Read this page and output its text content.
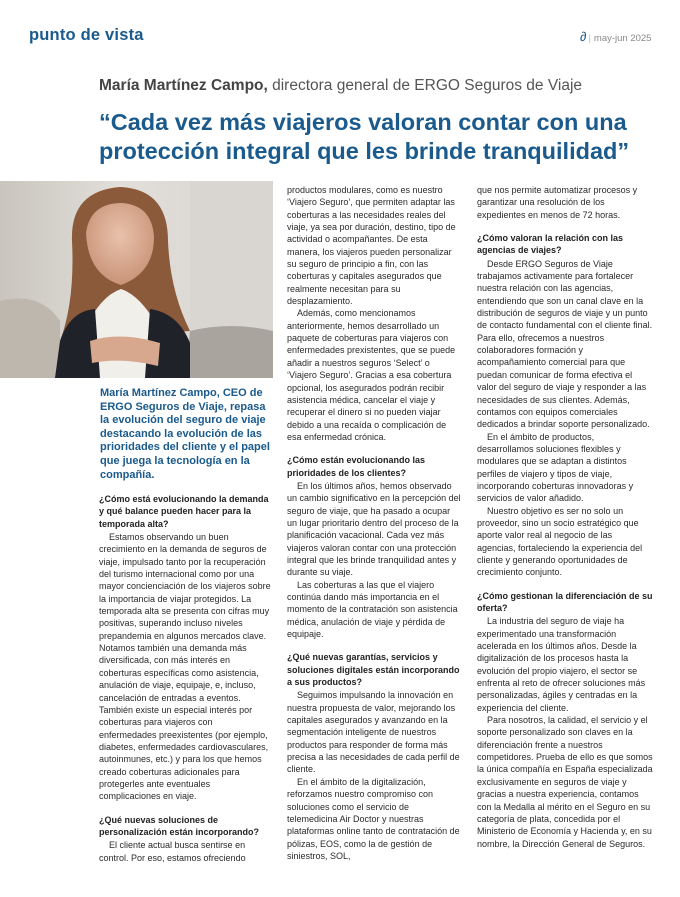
punto de vista	∂ | may-jun 2025
María Martínez Campo, directora general de ERGO Seguros de Viaje
“Cada vez más viajeros valoran contar con una protección integral que les brinde tranquilidad”
María Martínez Campo, CEO de ERGO Seguros de Viaje, repasa la evolución del seguro de viaje destacando la evolución de las prioridades del cliente y el papel que juega la tecnología en la compañía.
¿Cómo está evolucionando la demanda y qué balance pueden hacer para la temporada alta?

Estamos observando un buen crecimiento en la demanda de seguros de viaje, impulsado tanto por la recuperación del turismo internacional como por una mayor concienciación de los viajeros sobre la importancia de viajar protegidos. La temporada alta se presenta con cifras muy positivas, superando incluso niveles prepandemia en algunos mercados clave. Notamos también una demanda más diversificada, con más interés en coberturas específicas como asistencia, anulación de viaje, equipaje, e, incluso, cancelación de entradas a eventos. También existe un especial interés por coberturas para viajeros con enfermedades preexistentes (por ejemplo, diabetes, enfermedades cardiovasculares, autoinmunes, etc.) y para los que hemos creado coberturas adicionales para protegerles ante eventuales complicaciones en viaje.

¿Qué nuevas soluciones de personalización están incorporando?

El cliente actual busca sentirse en control. Por eso, estamos ofreciendo

productos modulares, como es nuestro ‘Viajero Seguro’, que permiten adaptar las coberturas a las necesidades reales del viaje, ya sea por duración, destino, tipo de actividad o acompañantes. De esta manera, los viajeros pueden personalizar su seguro de principio a fin, con las coberturas y capitales asegurados que realmente necesitan para su desplazamiento.

Además, como mencionamos anteriormente, hemos desarrollado un paquete de coberturas para viajeros con enfermedades prexistentes, que se puede añadir a nuestros seguros ‘Select’ o ‘Viajero Seguro’. Gracias a esa cobertura opcional, los asegurados podrán recibir asistencia médica, cancelar el viaje y recuperar el dinero si no pueden viajar debido a una recaída o complicación de esa enfermedad crónica.

¿Cómo están evolucionando las prioridades de los clientes?

En los últimos años, hemos observado un cambio significativo en la percepción del seguro de viaje, que ha pasado a ocupar un lugar prioritario dentro del proceso de la planificación vacacional. Cada vez más viajeros valoran contar con una protección integral que les brinde tranquilidad antes y durante su viaje.

Las coberturas a las que el viajero continúa dando más importancia en el momento de la contratación son asistencia médica, anulación de viaje y pérdida de equipaje.

¿Qué nuevas garantías, servicios y soluciones digitales están incorporando a sus productos?

Seguimos impulsando la innovación en nuestra propuesta de valor, mejorando los capitales asegurados y avanzando en la segmentación inteligente de nuestros productos para responder de forma más precisa a las necesidades de cada perfil de cliente.

En el ámbito de la digitalización, reforzamos nuestro compromiso con soluciones como el servicio de telemedicina Air Doctor y nuestras plataformas online tanto de contratación de pólizas, EOS, como la de gestión de siniestros, SOL,

que nos permite automatizar procesos y garantizar una resolución de los expedientes en menos de 72 horas.

¿Cómo valoran la relación con las agencias de viajes?

Desde ERGO Seguros de Viaje trabajamos activamente para fortalecer nuestra relación con las agencias, entendiendo que son un canal clave en la distribución de seguros de viaje y un punto de contacto fundamental con el cliente final. Para ello, ofrecemos a nuestros colaboradores formación y acompañamiento comercial para que puedan comunicar de forma efectiva el valor del seguro de viaje y responder a las necesidades de sus clientes. Además, contamos con equipos comerciales dedicados a brindar soporte personalizado.

En el ámbito de productos, desarrollamos soluciones flexibles y modulares que se adaptan a distintos perfiles de viajero y tipos de viaje, incorporando coberturas innovadoras y servicios de valor añadido.

Nuestro objetivo es ser no solo un proveedor, sino un socio estratégico que aporte valor real al negocio de las agencias, fortaleciendo la experiencia del cliente y generando oportunidades de crecimiento conjunto.

¿Cómo gestionan la diferenciación de su oferta?

La industria del seguro de viaje ha experimentado una transformación acelerada en los últimos años. Desde la digitalización de los procesos hasta la evolución del propio viajero, el sector se enfrenta al reto de ofrecer soluciones más personalizadas, ágiles y centradas en la experiencia del cliente.

Para nosotros, la calidad, el servicio y el soporte personalizado son claves en la diferenciación frente a nuestros competidores. Prueba de ello es que somos la única compañía en España especializada exclusivamente en seguros de viaje y gracias a nuestra experiencia, contamos con la Medalla al mérito en el Seguro en su categoría de plata, concedida por el Ministerio de Economía y Hacienda y, en su nombre, la Dirección General de Seguros.
